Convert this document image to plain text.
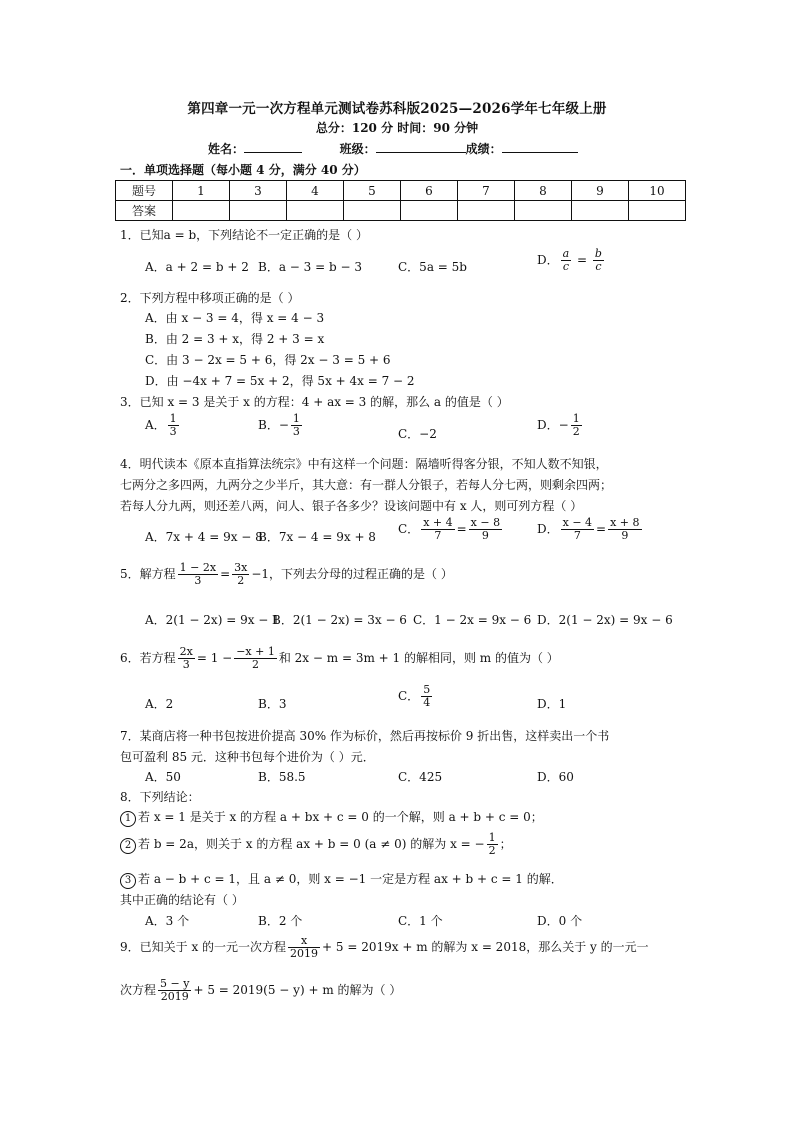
第四章一元一次方程单元测试卷苏科版2025—2026学年七年级上册
总分：120 分 时间：90 分钟
姓名：	班级：	成绩：
一．单项选择题（每小题 4 分，满分 40 分）
题号	1	3	4	5	6	7	8	9	10
答案									
1．已知a = b，下列结论不一定正确的是（ ）
A．a + 2 = b + 2 B．a − 3 = b − 3	C．5a = 5b	D． $\frac{a}{c} = \frac{b}{c}$
2．下列方程中移项正确的是（ ）
A．由 x − 3 = 4，得 x = 4 − 3
B．由 2 = 3 + x，得 2 + 3 = x
C．由 3 − 2x = 5 + 6，得 2x − 3 = 5 + 6
D．由 −4x + 7 = 5x + 2，得 5x + 4x = 7 − 2
3．已知 x = 3 是关于 x 的方程：4 + ax = 3 的解，那么 a 的值是（ ）
A． $\frac{1}{3}$	B．− $\frac{1}{3}$	C．−2
D．− $\frac{1}{2}$
4．明代读本《原本直指算法统宗》中有这样一个问题：隔墙听得客分银，不知人数不知银，
七两分之多四两，九两分之少半斤，其大意：有一群人分银子，若每人分七两，则剩余四两；
若每人分九两，则还差八两，问人、银子各多少？设该问题中有 x 人，则可列方程（ ）
A．7x + 4 = 9x − 8
B．7x − 4 = 9x + 8
C． $\frac{x + 4}{7} = \frac{x - 8}{9}$	D． $\frac{x - 4}{7} = \frac{x + 8}{9}$
5．解方程 $\frac{1 - 2x}{3} = \frac{3x}{2} -1$，下列去分母的过程正确的是（ ）
A．2(1 − 2x) = 9x − 1
B．2(1 − 2x) = 3x − 6 C．1 − 2x = 9x − 6 D．2(1 − 2x) = 9x − 6
6．若方程 $\frac{2x}{3} = 1 - \frac{-x + 1}{2}$ 和 2x − m = 3m + 1 的解相同，则 m 的值为（ ）
A．2	B．3
C． $\frac{5}{4}$	D．1
7．某商店将一种书包按进价提高 30% 作为标价，然后再按标价 9 折出售，这样卖出一个书
包可盈利 85 元．这种书包每个进价为（ ）元．
A．50	B．58.5	C．425	D．60
8．下列结论：
1 若 x = 1 是关于 x 的方程 a + bx + c = 0 的一个解，则 a + b + c = 0；
2 若 b = 2a，则关于 x 的方程 ax + b = 0 (a ≠ 0) 的解为 x = − $\frac{1}{2}$ ；
3 若 a − b + c = 1，且 a ≠ 0，则 x = −1 一定是方程 ax + b + c = 1 的解．
其中正确的结论有（ ）
A．3 个	B．2 个	C．1 个	D．0 个
9．已知关于 x 的一元一次方程 $\frac{x}{2019} + 5 = 2019x + m$ 的解为 x = 2018，那么关于 y 的一元一
次方程 $\frac{5 - y}{2019} + 5 = 2019(5 - y) + m$ 的解为（ ）
